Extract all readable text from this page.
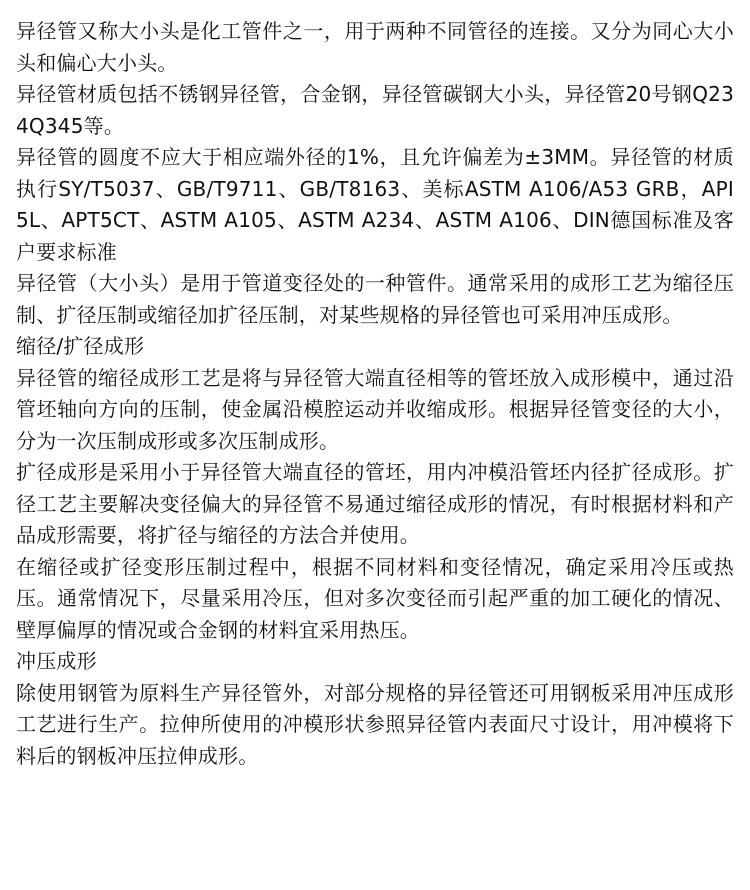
异径管又称大小头是化工管件之一，用于两种不同管径的连接。又分为同心大小头和偏心大小头。

异径管材质包括不锈钢异径管，合金钢，异径管碳钢大小头，异径管20号钢Q234Q345等。

异径管的圆度不应大于相应端外径的1%，且允许偏差为±3MM。异径管的材质执行SY/T5037、GB/T9711、GB/T8163、美标ASTM A106/A53 GRB，API 5L、APT5CT、ASTM A105、ASTM A234、ASTM A106、DIN德国标准及客户要求标准

异径管（大小头）是用于管道变径处的一种管件。通常采用的成形工艺为缩径压制、扩径压制或缩径加扩径压制，对某些规格的异径管也可采用冲压成形。

缩径/扩径成形

异径管的缩径成形工艺是将与异径管大端直径相等的管坯放入成形模中，通过沿管坯轴向方向的压制，使金属沿模腔运动并收缩成形。根据异径管变径的大小，分为一次压制成形或多次压制成形。

扩径成形是采用小于异径管大端直径的管坯，用内冲模沿管坯内径扩径成形。扩径工艺主要解决变径偏大的异径管不易通过缩径成形的情况，有时根据材料和产品成形需要，将扩径与缩径的方法合并使用。

在缩径或扩径变形压制过程中，根据不同材料和变径情况，确定采用冷压或热压。通常情况下，尽量采用冷压，但对多次变径而引起严重的加工硬化的情况、壁厚偏厚的情况或合金钢的材料宜采用热压。

冲压成形

除使用钢管为原料生产异径管外，对部分规格的异径管还可用钢板采用冲压成形工艺进行生产。拉伸所使用的冲模形状参照异径管内表面尺寸设计，用冲模将下料后的钢板冲压拉伸成形。
